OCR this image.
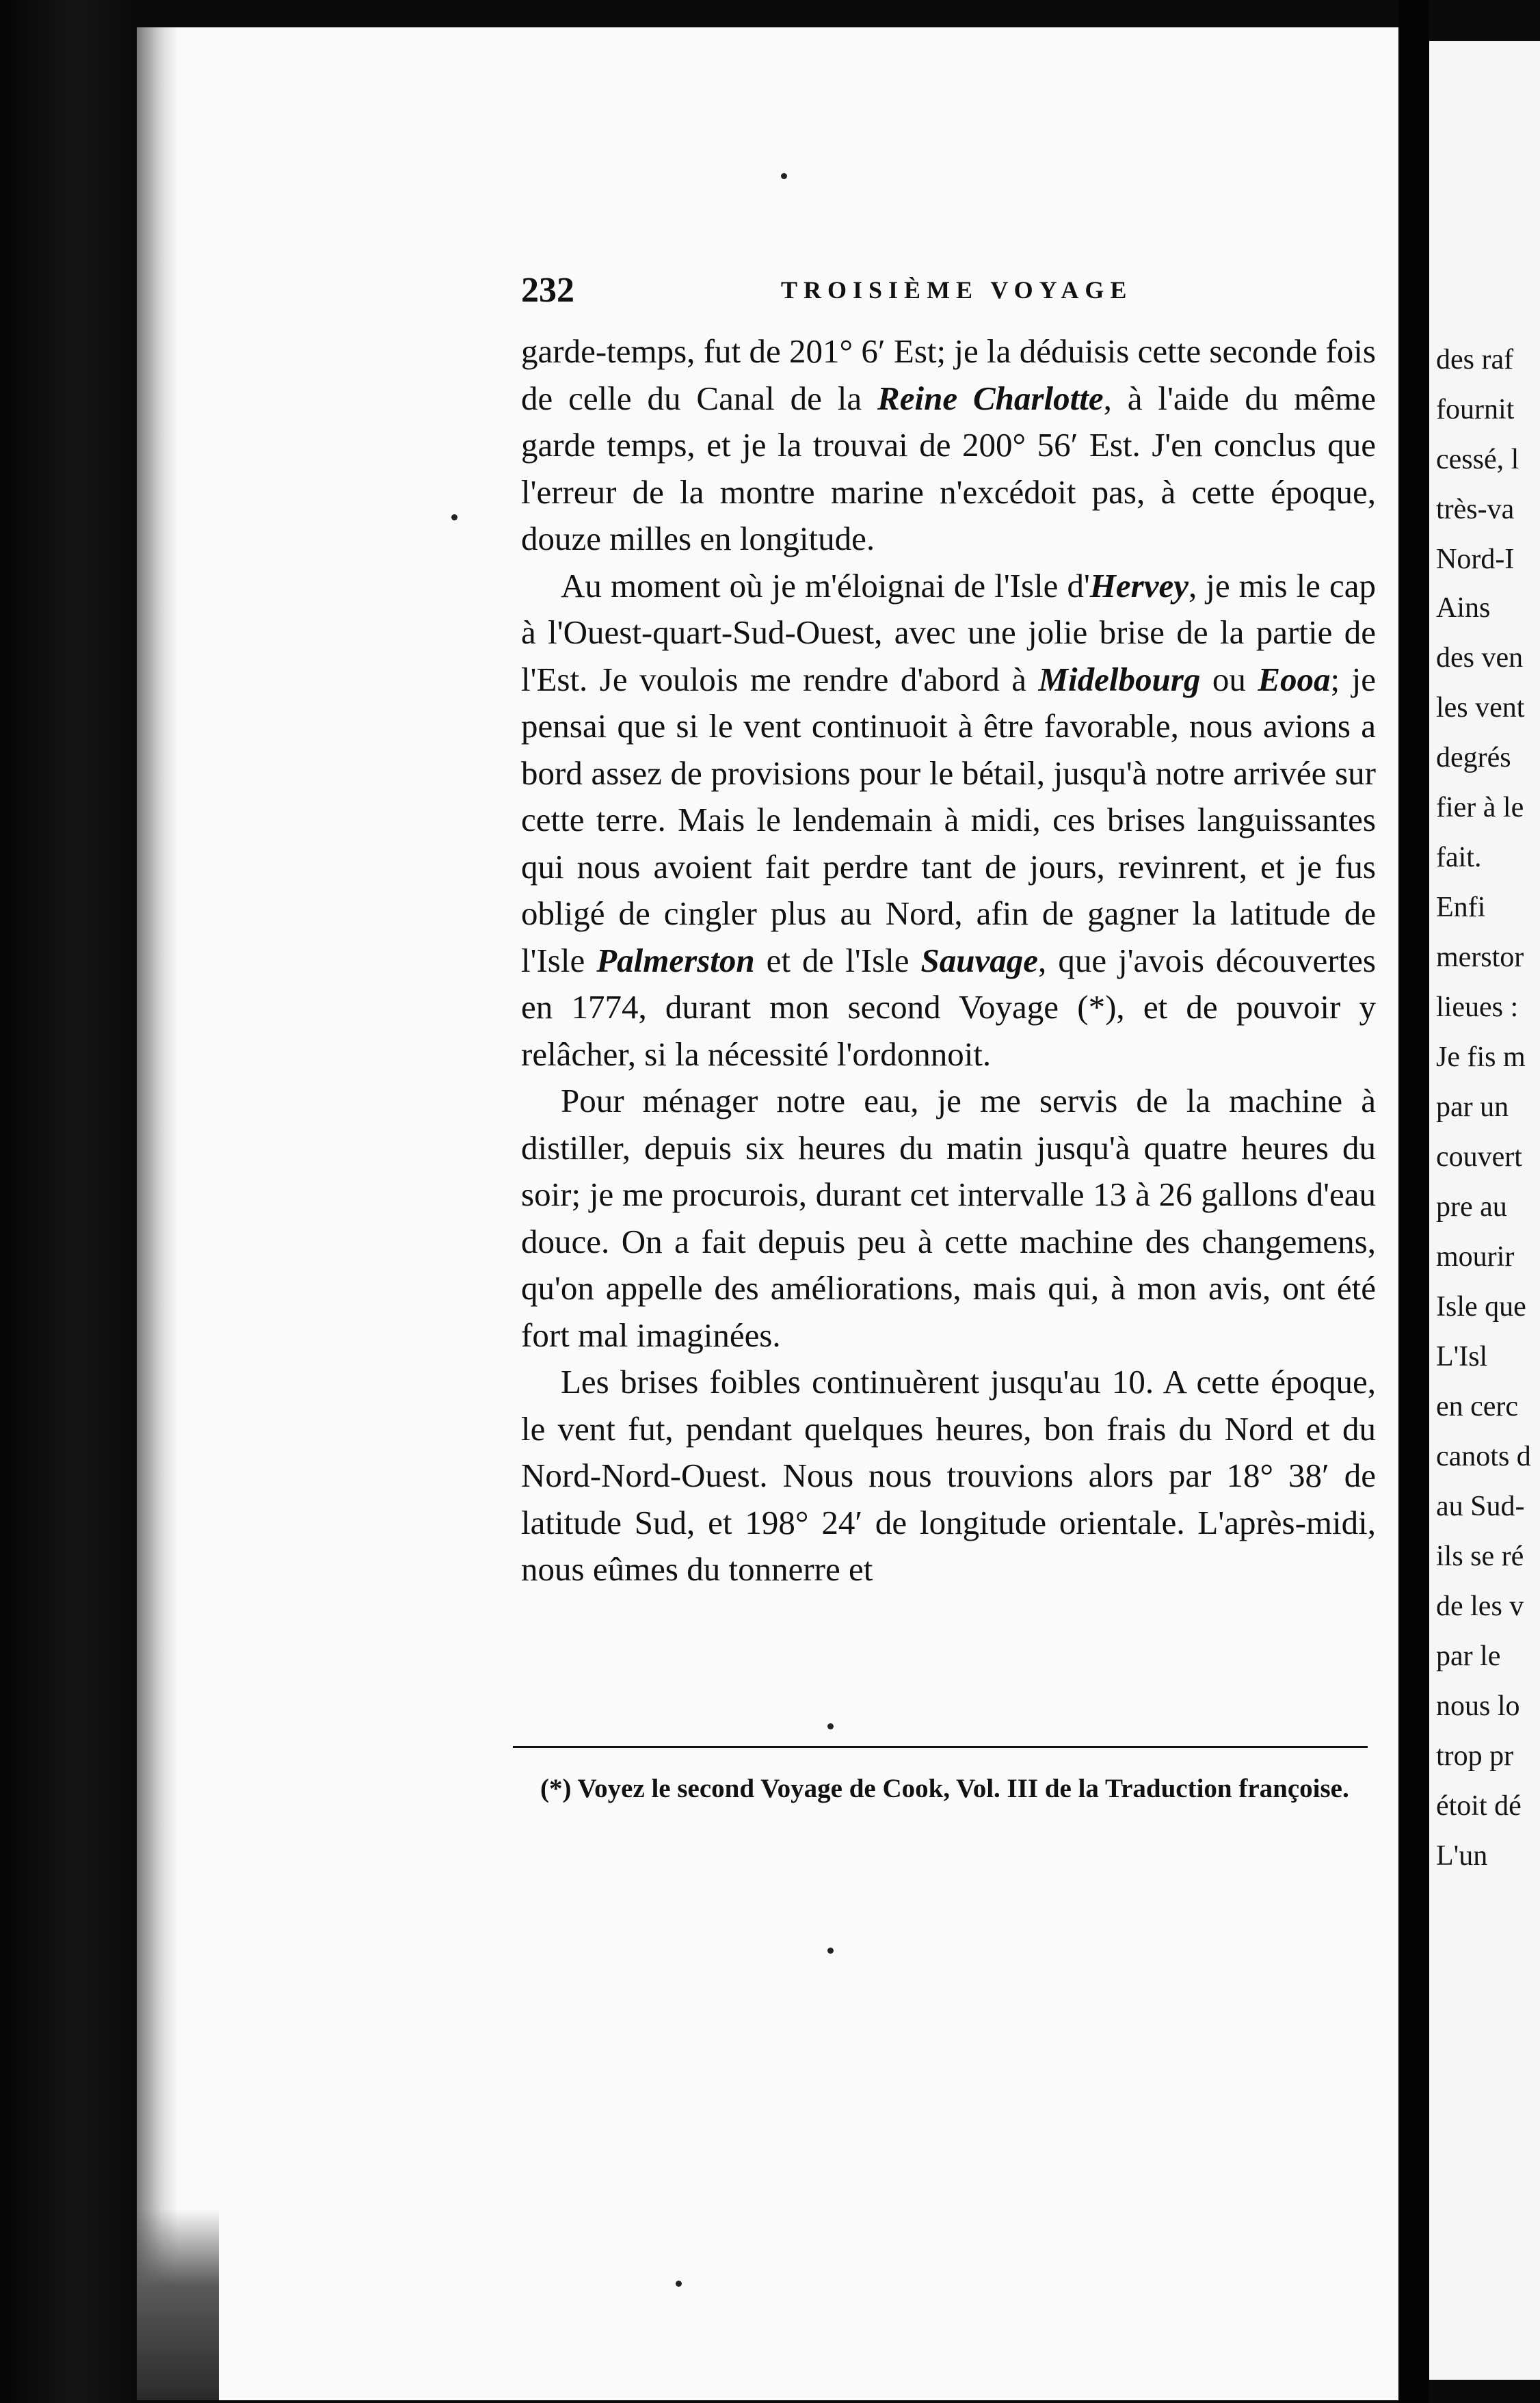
232	TROISIÈME VOYAGE

garde-temps, fut de 201° 6′ Est; je la déduisis cette seconde fois de celle du Canal de la Reine Charlotte, à l'aide du même garde temps, et je la trouvai de 200° 56′ Est. J'en conclus que l'erreur de la montre marine n'excédoit pas, à cette époque, douze milles en longitude.

Au moment où je m'éloignai de l'Isle d'Hervey, je mis le cap à l'Ouest-quart-Sud-Ouest, avec une jolie brise de la partie de l'Est. Je voulois me rendre d'abord à Midelbourg ou Eooa; je pensai que si le vent continuoit à être favorable, nous avions a bord assez de provisions pour le bétail, jusqu'à notre arrivée sur cette terre. Mais le lendemain à midi, ces brises languissantes qui nous avoient fait perdre tant de jours, revinrent, et je fus obligé de cingler plus au Nord, afin de gagner la latitude de l'Isle Palmerston et de l'Isle Sauvage, que j'avois découvertes en 1774, durant mon second Voyage (*), et de pouvoir y relâcher, si la nécessité l'ordonnoit.

Pour ménager notre eau, je me servis de la machine à distiller, depuis six heures du matin jusqu'à quatre heures du soir; je me procurois, durant cet intervalle 13 à 26 gallons d'eau douce. On a fait depuis peu à cette machine des changemens, qu'on appelle des améliorations, mais qui, à mon avis, ont été fort mal imaginées.

Les brises foibles continuèrent jusqu'au 10. A cette époque, le vent fut, pendant quelques heures, bon frais du Nord et du Nord-Nord-Ouest. Nous nous trouvions alors par 18° 38′ de latitude Sud, et 198° 24′ de longitude orientale. L'après-midi, nous eûmes du tonnerre et

(*) Voyez le second Voyage de Cook, Vol. III de la Traduction françoise.
des raf
fournit
cessé, l
très-va
Nord-I
Ains
des ven
les vent
degrés
fier à le
fait.
Enfi
merstor
lieues :
Je fis m
par un
couvert
pre au
mourir
Isle que
L'Isl
en cerc
canots d
au Sud-
ils se ré
de les v
par le
nous lo
trop pr
étoit dé
L'un
